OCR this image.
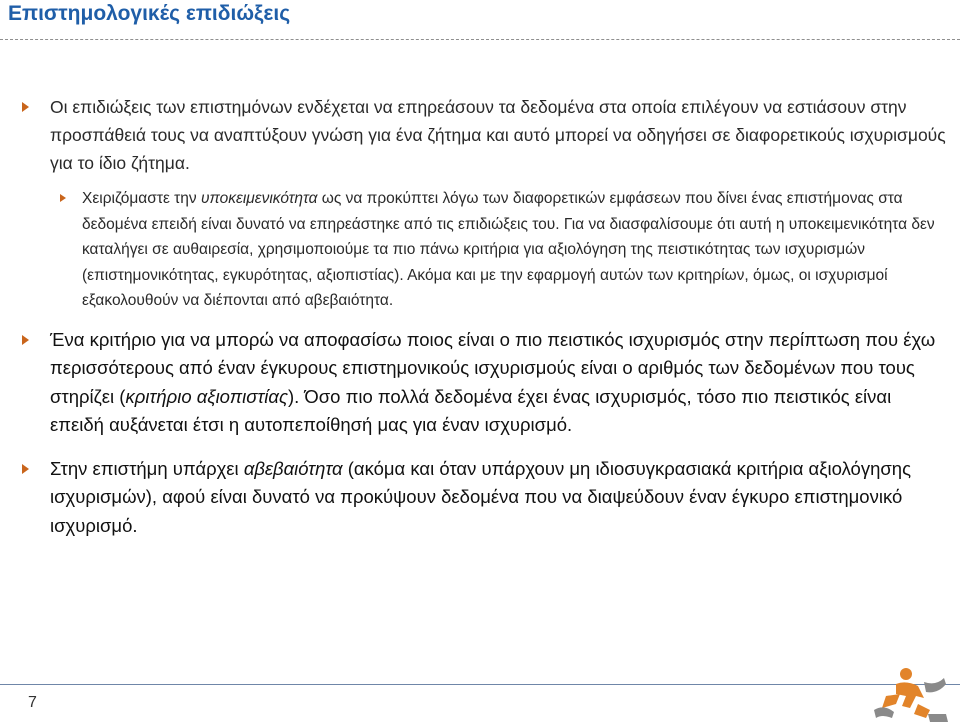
Επιστημολογικές επιδιώξεις
Οι επιδιώξεις των επιστημόνων ενδέχεται να επηρεάσουν τα δεδομένα στα οποία επιλέγουν να εστιάσουν στην προσπάθειά τους να αναπτύξουν γνώση για ένα ζήτημα και αυτό μπορεί να οδηγήσει σε διαφορετικούς ισχυρισμούς για το ίδιο ζήτημα.
Χειριζόμαστε την υποκειμενικότητα ως να προκύπτει λόγω των διαφορετικών εμφάσεων που δίνει ένας επιστήμονας στα δεδομένα επειδή είναι δυνατό να επηρεάστηκε από τις επιδιώξεις του. Για να διασφαλίσουμε ότι αυτή η υποκειμενικότητα δεν καταλήγει σε αυθαιρεσία, χρησιμοποιούμε τα πιο πάνω κριτήρια για αξιολόγηση της πειστικότητας των ισχυρισμών (επιστημονικότητας, εγκυρότητας, αξιοπιστίας). Ακόμα και με την εφαρμογή αυτών των κριτηρίων, όμως, οι ισχυρισμοί εξακολουθούν να διέπονται από αβεβαιότητα.
Ένα κριτήριο για να μπορώ να αποφασίσω ποιος είναι ο πιο πειστικός ισχυρισμός στην περίπτωση που έχω περισσότερους από έναν έγκυρους επιστημονικούς ισχυρισμούς είναι ο αριθμός των δεδομένων που τους στηρίζει (κριτήριο αξιοπιστίας). Όσο πιο πολλά δεδομένα έχει ένας ισχυρισμός, τόσο πιο πειστικός είναι επειδή αυξάνεται έτσι η αυτοπεποίθησή μας για έναν ισχυρισμό.
Στην επιστήμη υπάρχει αβεβαιότητα (ακόμα και όταν υπάρχουν μη ιδιοσυγκρασιακά κριτήρια αξιολόγησης ισχυρισμών), αφού είναι δυνατό να προκύψουν δεδομένα που να διαψεύδουν έναν έγκυρο επιστημονικό ισχυρισμό.
7
